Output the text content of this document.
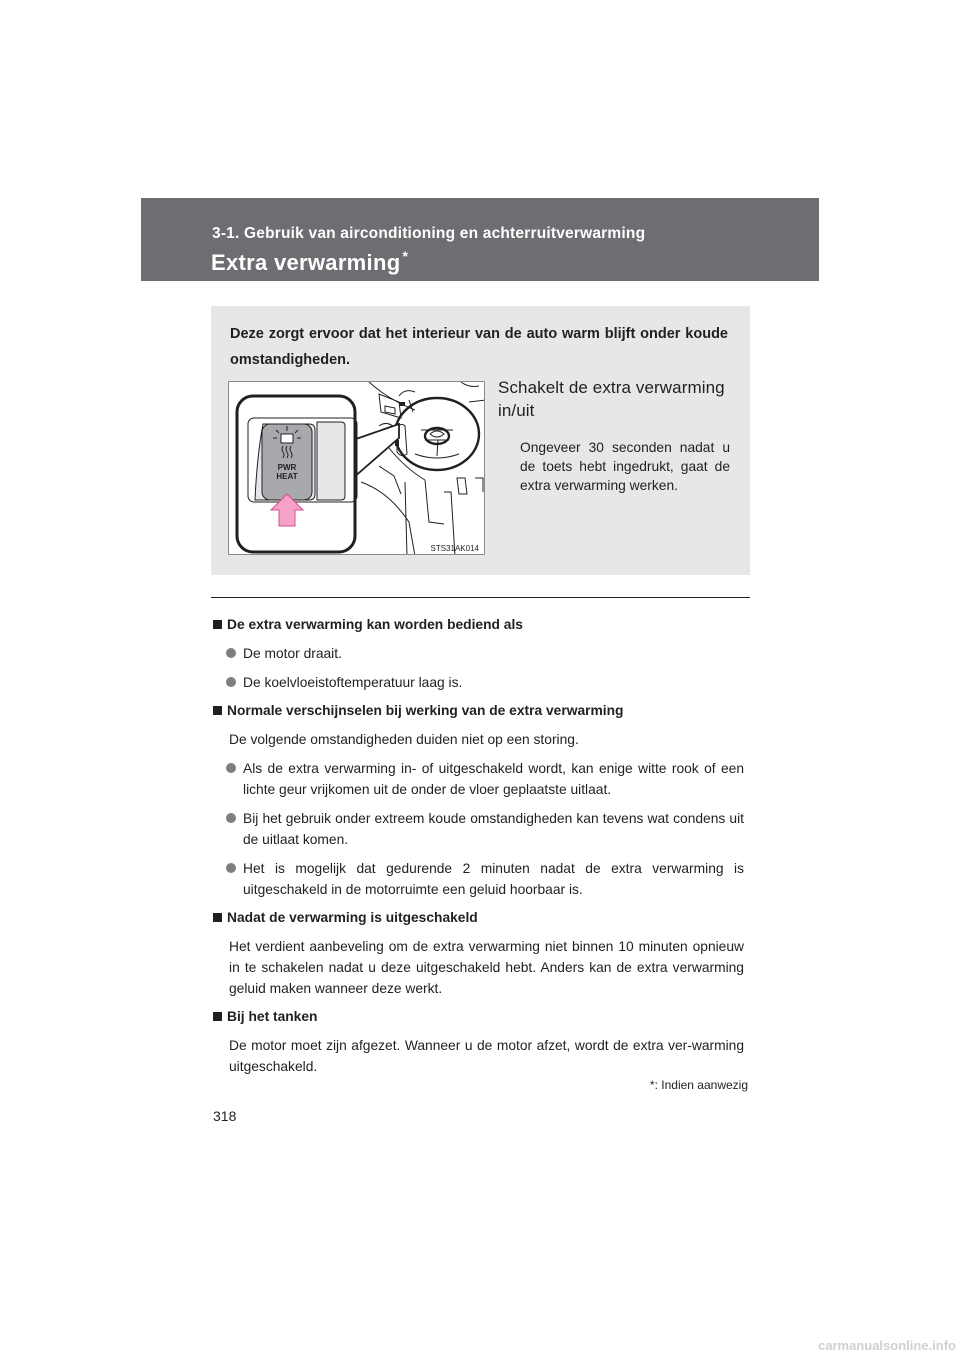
3-1. Gebruik van airconditioning en achterruitverwarming
Extra verwarming *
Deze zorgt ervoor dat het interieur van de auto warm blijft onder koude omstandigheden.
PWR
HEAT
STS31AK014
Schakelt de extra verwarming in/uit
Ongeveer 30 seconden nadat u de toets hebt ingedrukt, gaat de extra verwarming werken.
De extra verwarming kan worden bediend als
De motor draait.
De koelvloeistoftemperatuur laag is.
Normale verschijnselen bij werking van de extra verwarming
De volgende omstandigheden duiden niet op een storing.
Als de extra verwarming in- of uitgeschakeld wordt, kan enige witte rook of een lichte geur vrijkomen uit de onder de vloer geplaatste uitlaat.
Bij het gebruik onder extreem koude omstandigheden kan tevens wat condens uit de uitlaat komen.
Het is mogelijk dat gedurende 2 minuten nadat de extra verwarming is uitgeschakeld in de motorruimte een geluid hoorbaar is.
Nadat de verwarming is uitgeschakeld
Het verdient aanbeveling om de extra verwarming niet binnen 10 minuten opnieuw in te schakelen nadat u deze uitgeschakeld hebt. Anders kan de extra verwarming geluid maken wanneer deze werkt.
Bij het tanken
De motor moet zijn afgezet. Wanneer u de motor afzet, wordt de extra ver-warming uitgeschakeld.
*: Indien aanwezig
318
carmanualsonline.info
